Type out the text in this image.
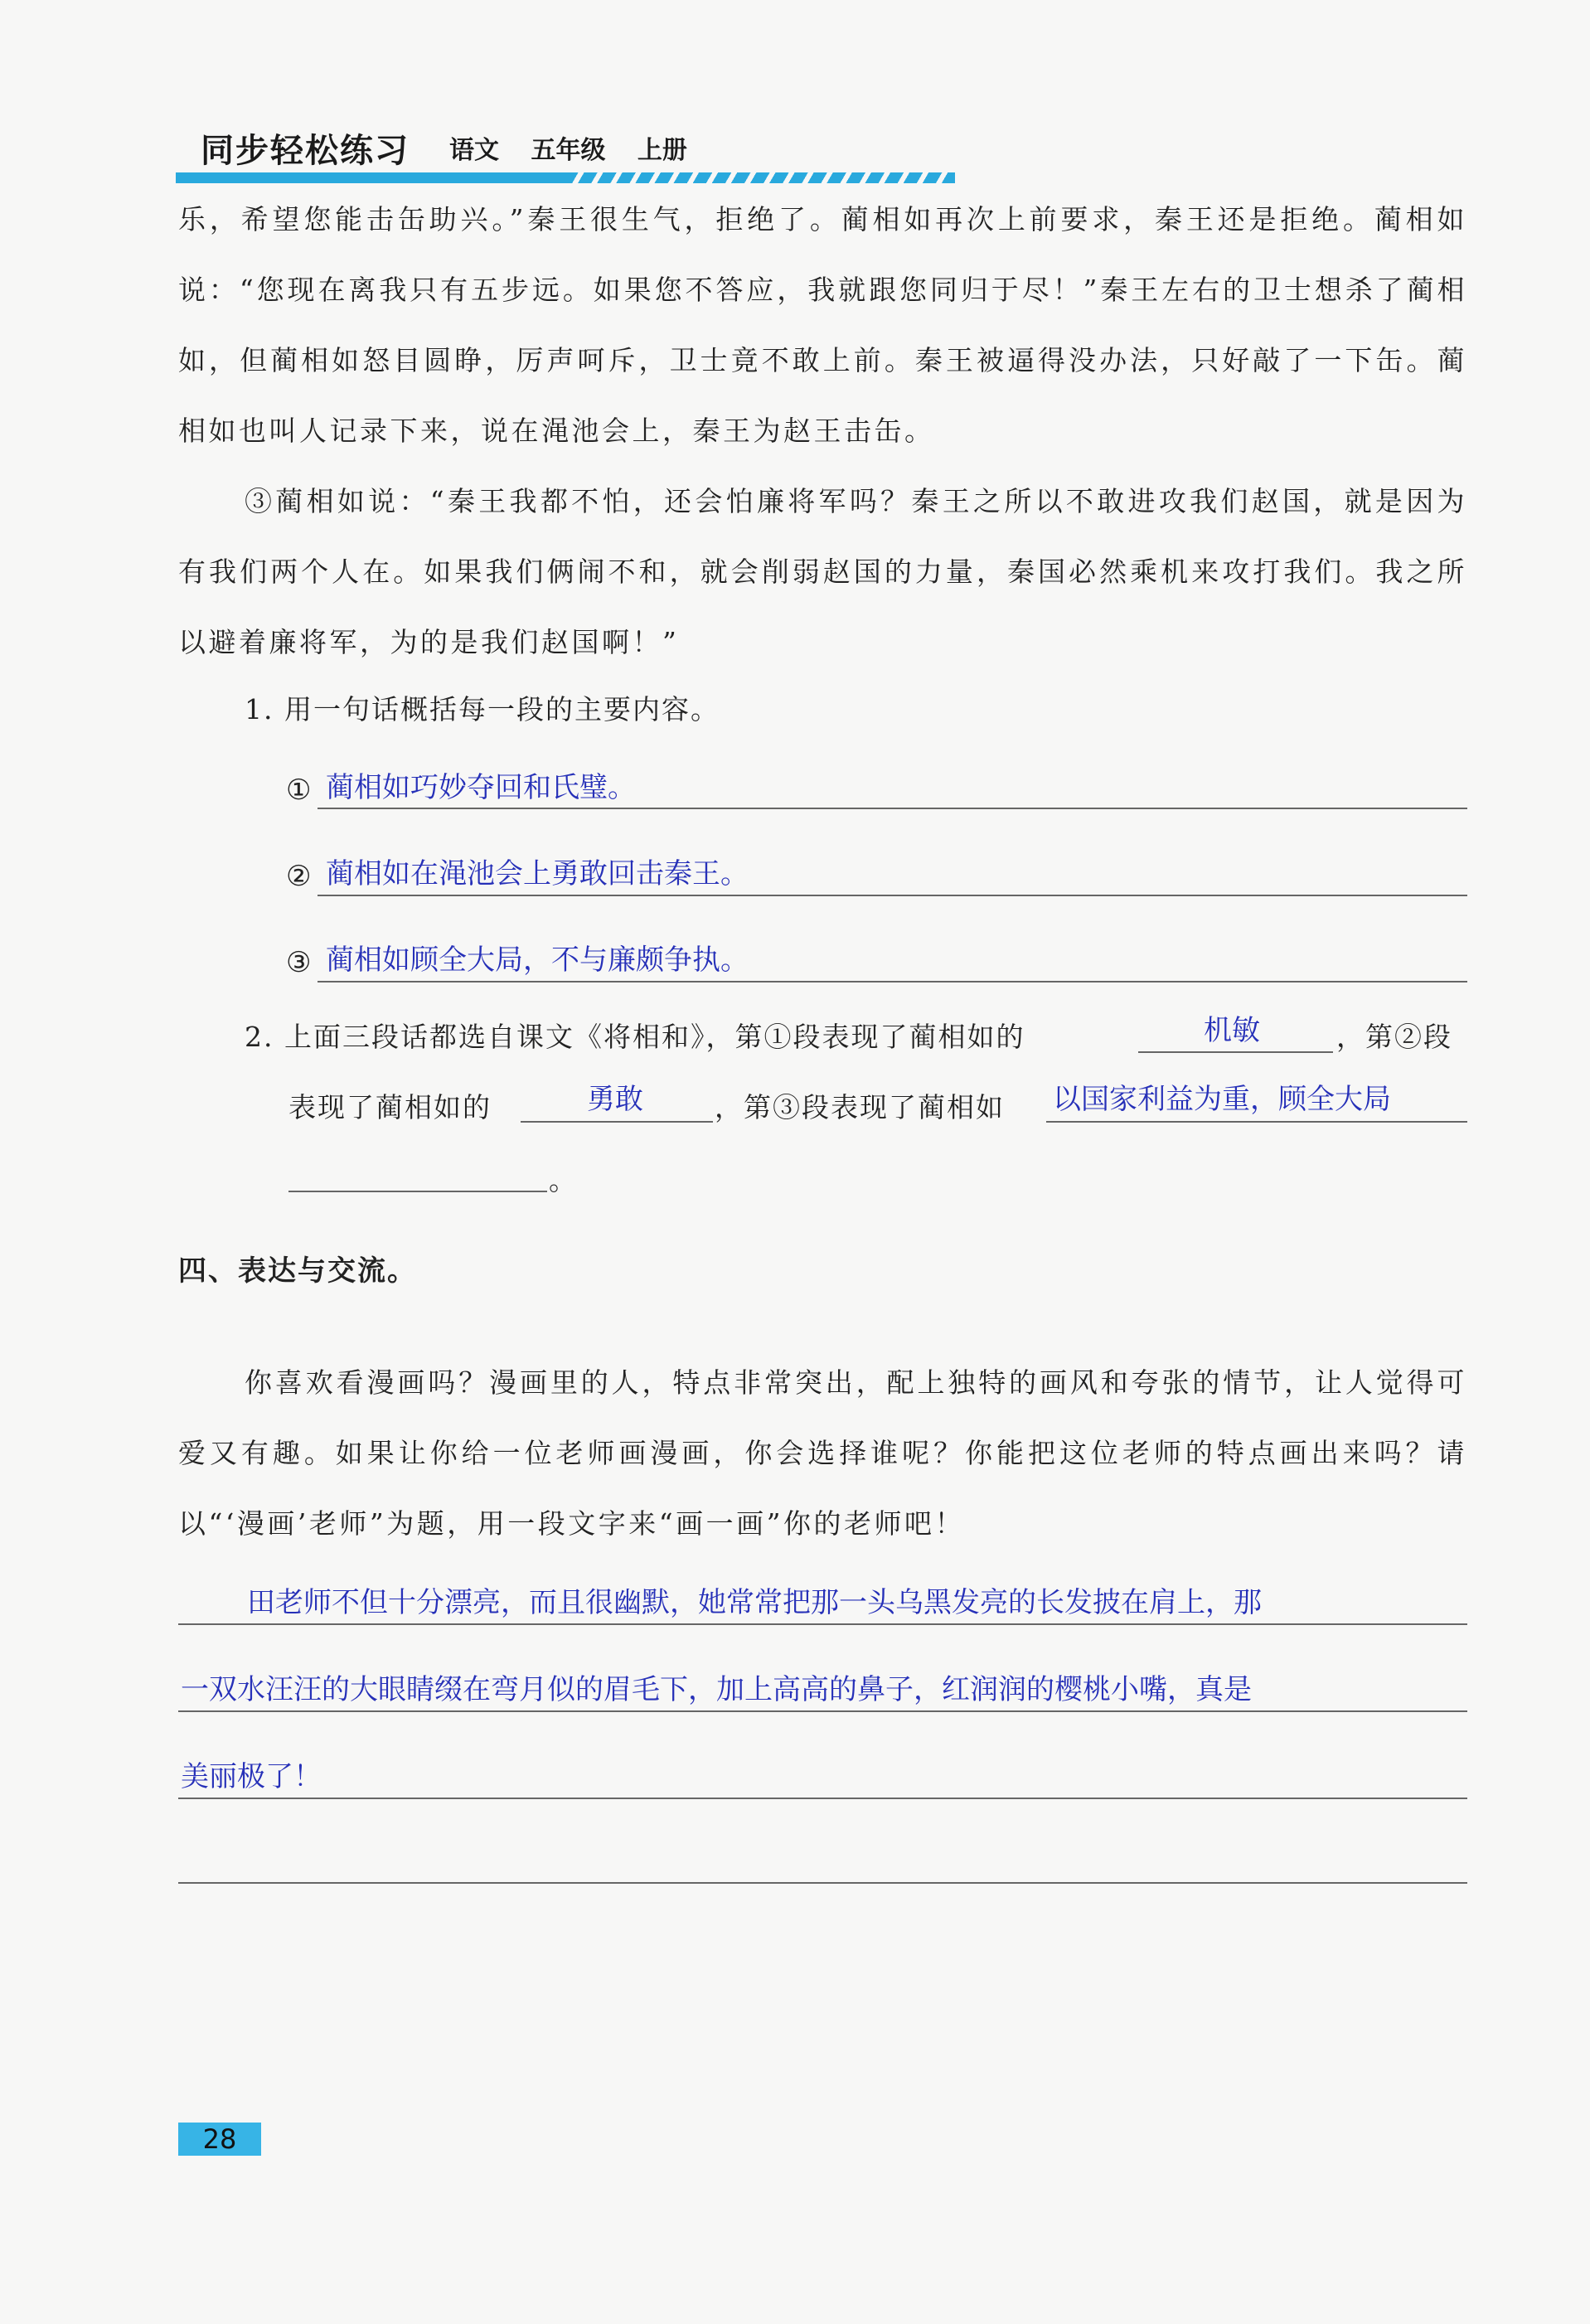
同步轻松练习 语文 五年级 上册
乐，希望您能击缶助兴。”秦王很生气，拒绝了。蔺相如再次上前要求，秦王还是拒绝。蔺相如说：“您现在离我只有五步远。如果您不答应，我就跟您同归于尽！”秦王左右的卫士想杀了蔺相如，但蔺相如怒目圆睁，厉声呵斥，卫士竟不敢上前。秦王被逼得没办法，只好敲了一下缶。蔺相如也叫人记录下来，说在渑池会上，秦王为赵王击缶。
③蔺相如说：“秦王我都不怕，还会怕廉将军吗？秦王之所以不敢进攻我们赵国，就是因为有我们两个人在。如果我们俩闹不和，就会削弱赵国的力量，秦国必然乘机来攻打我们。我之所以避着廉将军，为的是我们赵国啊！”
1. 用一句话概括每一段的主要内容。
① 蔺相如巧妙夺回和氏璧。
② 蔺相如在渑池会上勇敢回击秦王。
③ 蔺相如顾全大局，不与廉颇争执。
2. 上面三段话都选自课文《将相和》，第①段表现了蔺相如的	机敏	，第②段
表现了蔺相如的	勇敢	，第③段表现了蔺相如 以国家利益为重，顾全大局
。
四、表达与交流。
你喜欢看漫画吗？漫画里的人，特点非常突出，配上独特的画风和夸张的情节，让人觉得可爱又有趣。如果让你给一位老师画漫画，你会选择谁呢？你能把这位老师的特点画出来吗？请以“‘漫画’老师”为题，用一段文字来“画一画”你的老师吧！
田老师不但十分漂亮，而且很幽默，她常常把那一头乌黑发亮的长发披在肩上，那
一双水汪汪的大眼睛缀在弯月似的眉毛下，加上高高的鼻子，红润润的樱桃小嘴，真是
美丽极了！
28
